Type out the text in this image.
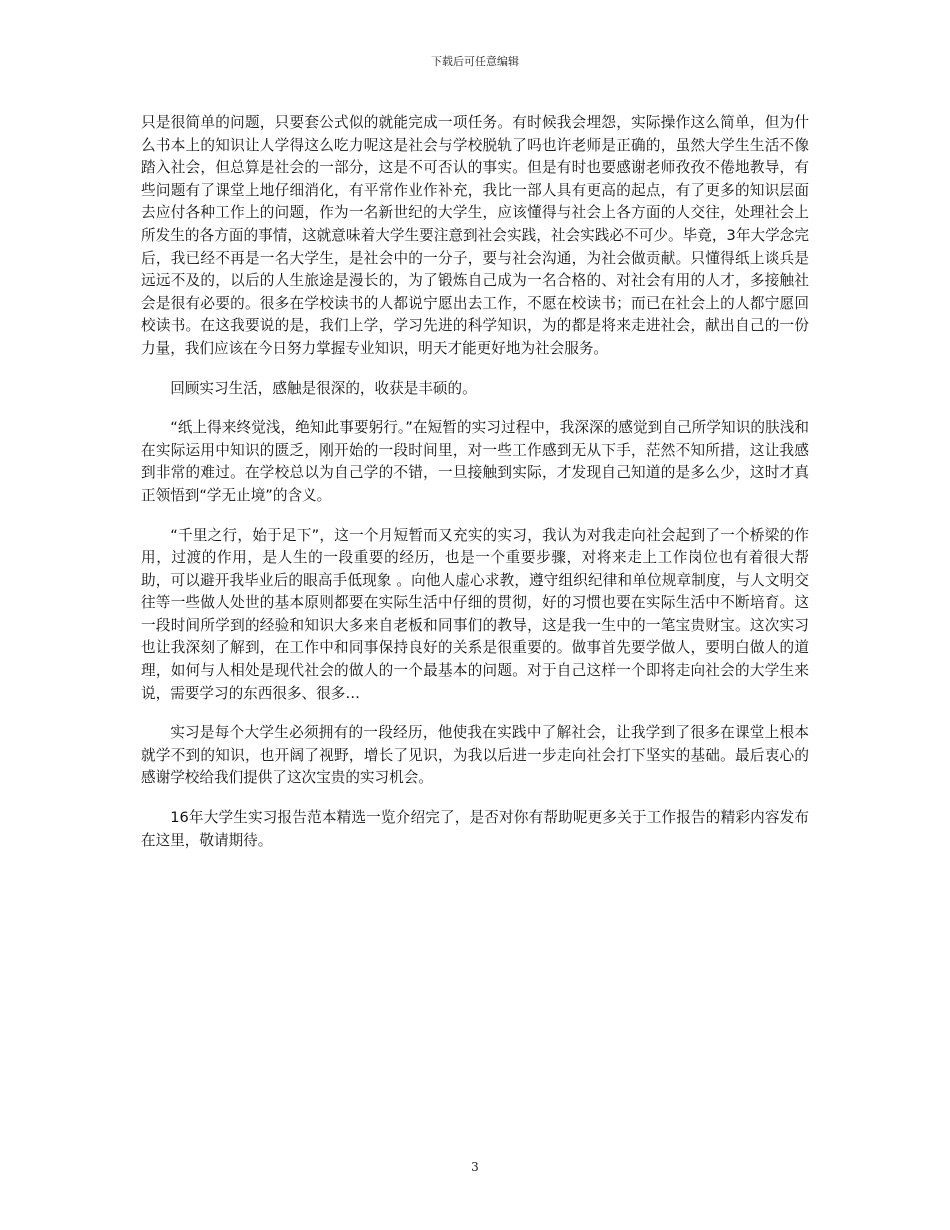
下载后可任意编辑

只是很简单的问题，只要套公式似的就能完成一项任务。有时候我会埋怨，实际操作这么简单，但为什么书本上的知识让人学得这么吃力呢这是社会与学校脱轨了吗也许老师是正确的，虽然大学生生活不像踏入社会，但总算是社会的一部分，这是不可否认的事实。但是有时也要感谢老师孜孜不倦地教导，有些问题有了课堂上地仔细消化，有平常作业作补充，我比一部人具有更高的起点，有了更多的知识层面去应付各种工作上的问题，作为一名新世纪的大学生，应该懂得与社会上各方面的人交往，处理社会上所发生的各方面的事情，这就意味着大学生要注意到社会实践，社会实践必不可少。毕竟，3年大学念完后，我已经不再是一名大学生，是社会中的一分子，要与社会沟通，为社会做贡献。只懂得纸上谈兵是远远不及的，以后的人生旅途是漫长的，为了锻炼自己成为一名合格的、对社会有用的人才，多接触社会是很有必要的。很多在学校读书的人都说宁愿出去工作，不愿在校读书；而已在社会上的人都宁愿回校读书。在这我要说的是，我们上学，学习先进的科学知识，为的都是将来走进社会，献出自己的一份力量，我们应该在今日努力掌握专业知识，明天才能更好地为社会服务。

回顾实习生活，感触是很深的，收获是丰硕的。

“纸上得来终觉浅，绝知此事要躬行。”在短暂的实习过程中，我深深的感觉到自己所学知识的肤浅和在实际运用中知识的匮乏，刚开始的一段时间里，对一些工作感到无从下手，茫然不知所措，这让我感到非常的难过。在学校总以为自己学的不错，一旦接触到实际，才发现自己知道的是多么少，这时才真正领悟到“学无止境”的含义。

“千里之行，始于足下”，这一个月短暂而又充实的实习，我认为对我走向社会起到了一个桥梁的作用，过渡的作用，是人生的一段重要的经历，也是一个重要步骤，对将来走上工作岗位也有着很大帮助，可以避开我毕业后的眼高手低现象 。向他人虚心求教，遵守组织纪律和单位规章制度，与人文明交往等一些做人处世的基本原则都要在实际生活中仔细的贯彻，好的习惯也要在实际生活中不断培育。这一段时间所学到的经验和知识大多来自老板和同事们的教导，这是我一生中的一笔宝贵财宝。这次实习也让我深刻了解到，在工作中和同事保持良好的关系是很重要的。做事首先要学做人，要明白做人的道理，如何与人相处是现代社会的做人的一个最基本的问题。对于自己这样一个即将走向社会的大学生来说，需要学习的东西很多、很多…

实习是每个大学生必须拥有的一段经历，他使我在实践中了解社会，让我学到了很多在课堂上根本就学不到的知识，也开阔了视野，增长了见识，为我以后进一步走向社会打下坚实的基础。最后衷心的感谢学校给我们提供了这次宝贵的实习机会。

16年大学生实习报告范本精选一览介绍完了，是否对你有帮助呢更多关于工作报告的精彩内容发布在这里，敬请期待。

3
